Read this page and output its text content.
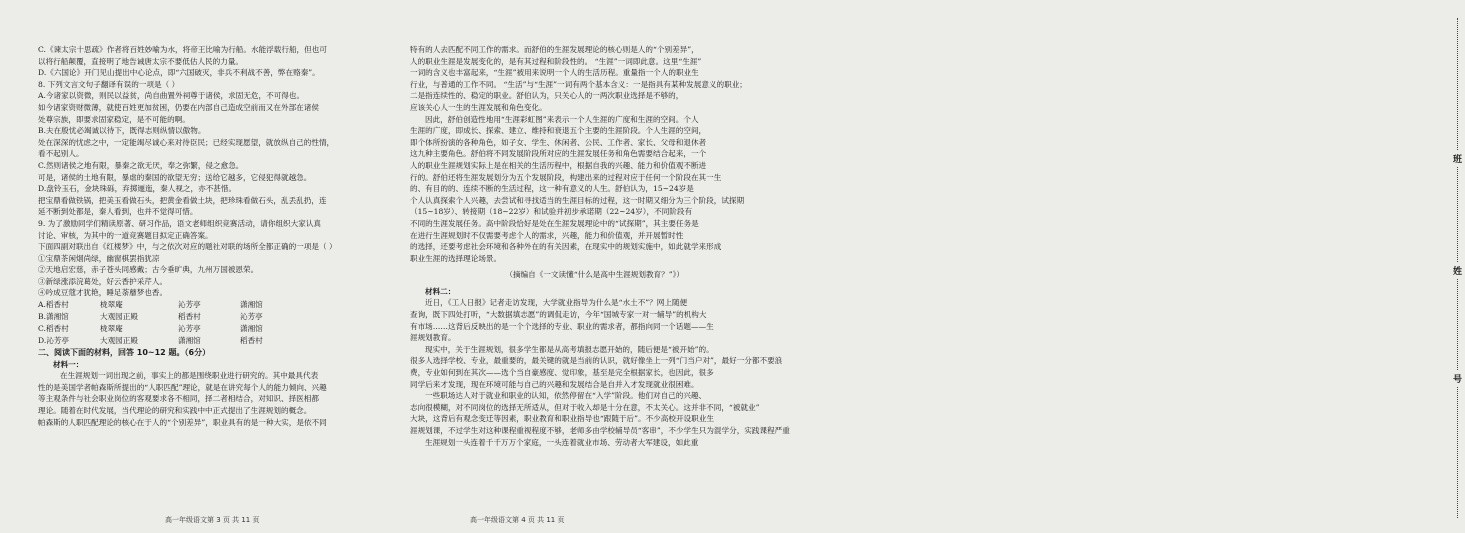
C.《谏太宗十思疏》作者将百姓妙喻为水，将帝王比喻为行船。水能浮载行船，但也可
以将行船颠覆，直接明了地告诫唐太宗不要低估人民的力量。
D.《六国论》开门见山提出中心论点，即“六国破灭，非兵不利战不善，弊在赂秦”。
8. 下列文言文句子翻译有误的一项是（ ）
A.今诸家以资微，则民以益贫，尚自曲置外祠尊于诸侯，求固无危，不可得也。
如今诸家资财微薄，就使百姓更加贫困，仍要在内部自己造成空前而又在外部在诸侯
处尊宗族，即要求固家稳定，是不可能的啊。
B.夫在殷忧必竭诚以待下，既得志则纵情以傲物。
处在深深的忧虑之中，一定能竭尽诚心来对待臣民；已经实现愿望，就放纵自己的性情，
看不起别人。
C.然则诸侯之地有限，暴秦之欲无厌，奉之弥繁，侵之愈急。
可是，诸侯的土地有限，暴虐的秦国的欲望无穷；送给它越多，它侵犯得就越急。
D.盘铃玉石，金块珠砾，弃掷逦迤，秦人视之，亦不甚惜。
把宝鼎看做铁锅，把美玉看做石头，把黄金看做土块，把珍珠看做石头，乱丢乱扔，连
延不断到处都是，秦人看到，也并不觉得可惜。
9. 为了激励同学们精读原著、研习作品，语文老师组织竞赛活动，请你组织大家认真
讨论、审核，为其中的一道竞赛题目拟定正确答案。
下面四副对联出自《红楼梦》中，与之依次对应的题社对联的场所全都正确的一项是（ ）
①宝鼎茶闲烟尚绿，幽窗棋罢指犹凉
②天地启宏慈，赤子苍头同感戴；古今垂旷典，九州万国被恩荣。
③新绿涨添浣葛处，好云香护采芹人。
④吟成豆蔻才犹艳，睡足荼蘼梦也香。
A.稻香村	栊翠庵	沁芳亭	潇湘馆
B.潇湘馆	大观园正殿	稻香村	沁芳亭
C.稻香村	栊翠庵	沁芳亭	潇湘馆
D.沁芳亭	大观园正殿	潇湘馆	稻香村
二、阅读下面的材料，回答 10~12 题。（6分）
材料一：
在生涯规划一词出现之前，事实上的都是围绕职业进行研究的。其中最具代表
性的是美国学者帕森斯所提出的“人职匹配”理论，就是在讲究每个人的能力倾向、兴趣
等主观条件与社会职业岗位的客观要求各不相同，择二者相结合，对知识、择医相都
理论。随着在时代发展，当代理论的研究和实践中中正式提出了生涯规划的概念。
帕森斯的人职匹配理论的核心在于人的“个别差异”，职业具有的是一种大实，是依不同
特有的人去匹配不同工作的需求。而舒伯的生涯发展理论的核心则是人的“个别差异”，
人的职业生涯是发展变化的，是有其过程和阶段性的。 “生涯”一词即此意。这里“生涯”
一词的含义也丰富起来，“生涯”被用来说明一个人的生活历程。重量指一个人的职业生
行业，与普通的工作不同。 “生活”与“生涯”一词有两个基本含义：一是指具有某种发展意义的职业；
二是指连续性的、稳定的职业。舒伯认为，只关心人的一两次职业选择是不够的，
应该关心人一生的生涯发展和角色变化。
因此，舒伯创造性地用“生涯彩虹图”来表示一个人生涯的广度和生涯的空间。个人
生涯的广度，即成长、探索、建立、维持和衰退五个主要的生涯阶段。个人生涯的空间，
即个体所扮演的各种角色，如子女、学生、休闲者、公民、工作者、家长、父母和退休者
这九种主要角色。舒伯将不同发展阶段所对应的生涯发展任务和角色需要结合起来，一个
人的职业生涯规划实际上是在相关的生活历程中，根据自我的兴趣、能力和价值观不断进
行的。舒伯还将生涯发展划分为五个发展阶段，构建出来的过程对应于任何一个阶段在其一生
的、有目的的、连续不断的生活过程，这一种有意义的人生。舒伯认为，15~24岁是
个人认真探索个人兴趣，去尝试和寻找适当的生涯目标的过程，这一时期又细分为三个阶段，试探期
（15~18岁）、转接期（18~22岁）和试验并初步承诺期（22~24岁），不同阶段有
不同的生涯发展任务。高中阶段恰好是处在生涯发展理论中的“试探期”，其主要任务是
在进行生涯规划时不仅需要考虑个人的需求，兴趣，能力和价值观，并开展暂时性
的选择，还要考虑社会环境和各种外在的有关因素，在现实中的规划实施中，如此就学来形成
职业生涯的选择理论场景。
（摘编自《一文读懂“什么是高中生涯规划教育？”》）
材料二：
近日，《工人日报》记者走访发现，大学就业指导为什么是“水土不”？网上随便
查询，既下四处打听，“大数据填志愿”的调侃走访，今年“国城专家一对一辅导”的机构大
有市场……这背后反映出的是一个个选择的专业、职业的需求者，都指向同一个话题——生
涯规划教育。
现实中，关于生涯规划，很多学生都是从高考填报志愿开始的，随后便是“被开始”的。
很多人选择学校、专业，最重要的，最关键的就是当前的认识，就好像坐上一列“门当户对”，最好一分都不要浪
费，专业如何到在其次——选个当自豪感度、觉印象，基至是完全根据家长，也因此，很多
同学后来才发现，现在环境可能与自己的兴趣和发展结合是自并入才发现就业很困难。
一些职场达人对于就业和职业的认知，依然停留在“入学”阶段。他们对自己的兴趣、
志向很模糊，对不同岗位的选择无所适从，但对于收入却是十分在意，不太关心。这并非不同，“被就业”
大块，这背后有观念变迁等因素，职业教育和职业指导也“跟随于后”。不少高校开设职业生
涯规划课，不过学生对这种课程重视程度不够，老师多由学校辅导员“客串”，不少学生只为混学分，实践课程严重
生涯规划一头连着千千万万个家庭，一头连着就业市场、劳动者大军建设，如此重
班
姓
号
高一年级语文第 3 页 共 11 页	高一年级语文第 4 页 共 11 页
